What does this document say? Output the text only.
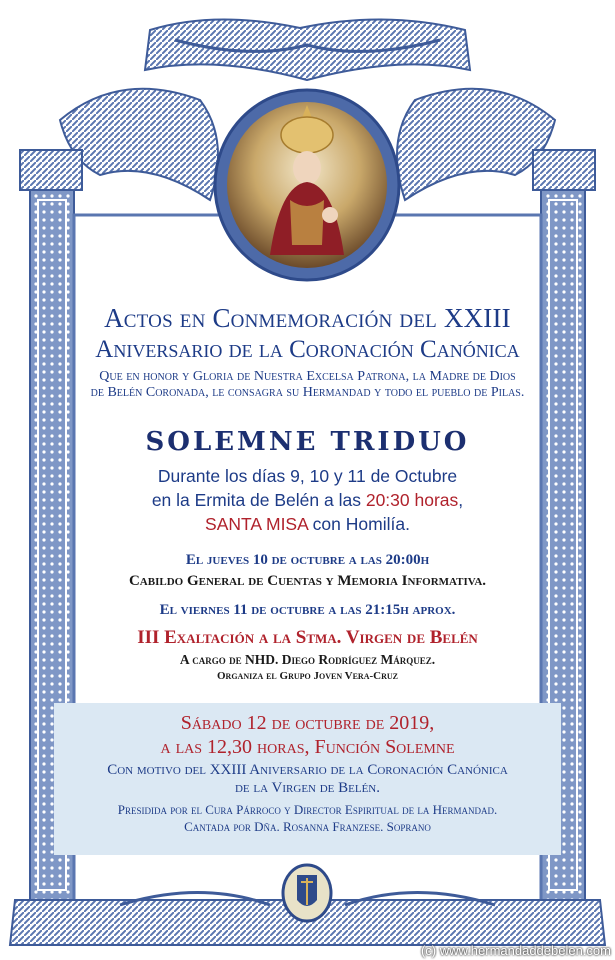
Actos en Conmemoración del XXIII
Aniversario de la Coronación Canónica
Que en honor y Gloria de Nuestra Excelsa Patrona, la Madre de Dios
de Belén Coronada, le consagra su Hermandad y todo el pueblo de Pilas.
SOLEMNE TRIDUO
Durante los días 9, 10 y 11 de Octubre
en la Ermita de Belén a las 20:30 horas,
SANTA MISA con Homilía.
El jueves 10 de octubre a las 20:00h
Cabildo General de Cuentas y Memoria Informativa.
El viernes 11 de octubre a las 21:15h aprox.
III Exaltación a la Stma. Virgen de Belén
A cargo de NHD. Diego Rodríguez Márquez.
Organiza el Grupo Joven Vera-Cruz
Sábado 12 de octubre de 2019,
a las 12,30 horas, Función Solemne
Con motivo del XXIII Aniversario de la Coronación Canónica
de la Virgen de Belén.
Presidida por el Cura Párroco y Director Espiritual de la Hermandad.
Cantada por Dña. Rosanna Franzese. Soprano
(c) www.hermandaddebelen.com
